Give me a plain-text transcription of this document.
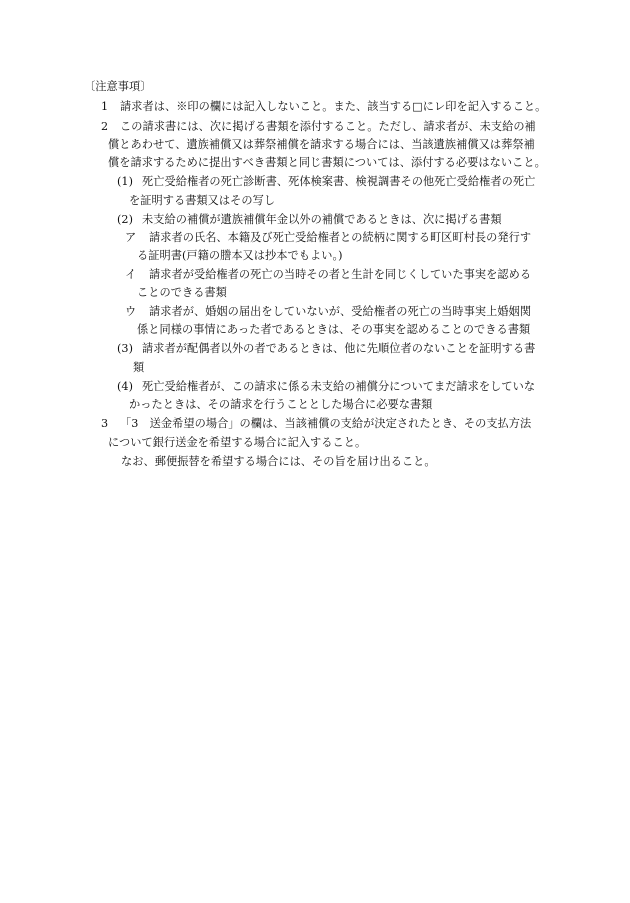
〔注意事項〕
1 請求者は、※印の欄には記入しないこと。また、該当する□にレ印を記入すること。
2 この請求書には、次に掲げる書類を添付すること。ただし、請求者が、未支給の補
償とあわせて、遺族補償又は葬祭補償を請求する場合には、当該遺族補償又は葬祭補
償を請求するために提出すべき書類と同じ書類については、添付する必要はないこと。
(1) 死亡受給権者の死亡診断書、死体検案書、検視調書その他死亡受給権者の死亡
を証明する書類又はその写し
(2) 未支給の補償が遺族補償年金以外の補償であるときは、次に掲げる書類
ア 請求者の氏名、本籍及び死亡受給権者との続柄に関する町区町村長の発行す
る証明書(戸籍の謄本又は抄本でもよい。)
イ 請求者が受給権者の死亡の当時その者と生計を同じくしていた事実を認める
ことのできる書類
ウ 請求者が、婚姻の届出をしていないが、受給権者の死亡の当時事実上婚姻関
係と同様の事情にあった者であるときは、その事実を認めることのできる書類
(3) 請求者が配偶者以外の者であるときは、他に先順位者のないことを証明する書
類
(4) 死亡受給権者が、この請求に係る未支給の補償分についてまだ請求をしていな
かったときは、その請求を行うこととした場合に必要な書類
3 「3　送金希望の場合」の欄は、当該補償の支給が決定されたとき、その支払方法
について銀行送金を希望する場合に記入すること。
なお、郵便振替を希望する場合には、その旨を届け出ること。
